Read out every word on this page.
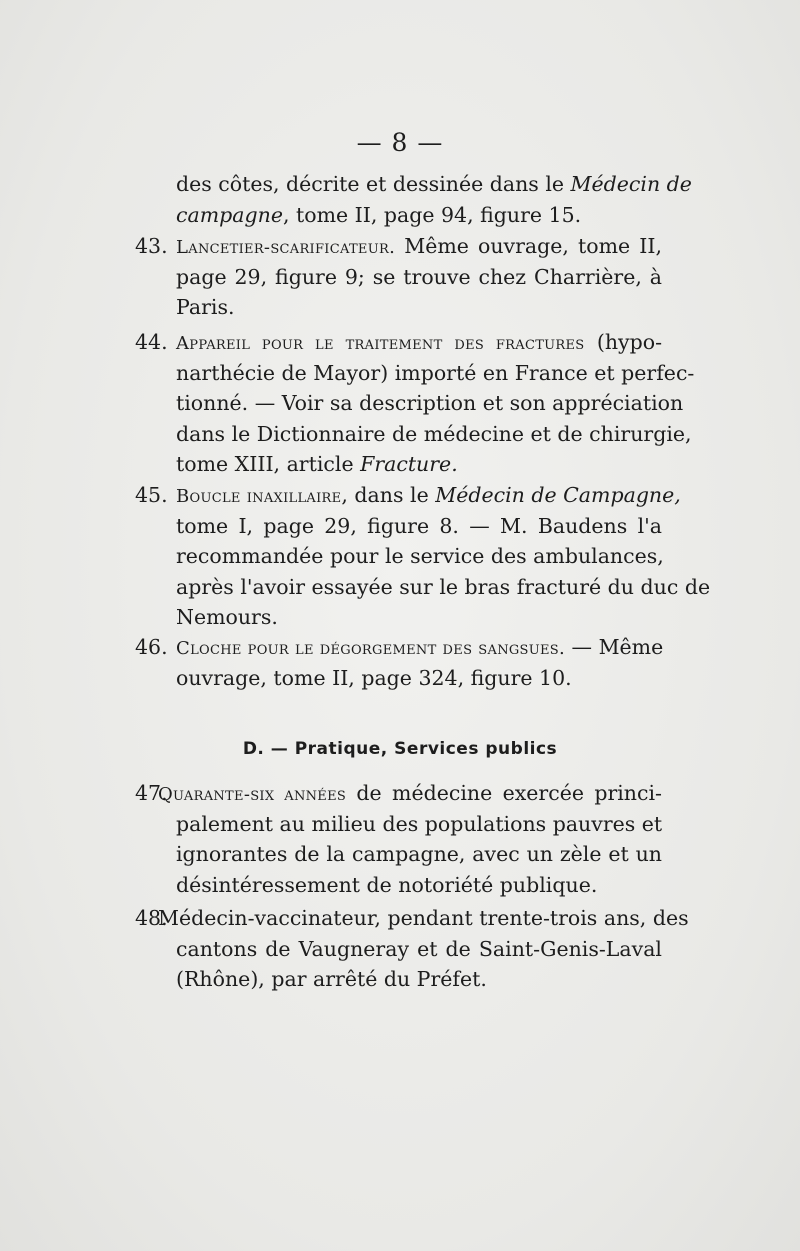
— 8 —
des côtes, décrite et dessinée dans le Médecin de
campagne, tome II, page 94, figure 15.
43. Lancetier-scarificateur. Même ouvrage, tome II,
page 29, figure 9; se trouve chez Charrière, à
Paris.
44. Appareil pour le traitement des fractures (hypo-
narthécie de Mayor) importé en France et perfec-
tionné. — Voir sa description et son appréciation
dans le Dictionnaire de médecine et de chirurgie,
tome XIII, article Fracture.
45. Boucle inaxillaire, dans le Médecin de Campagne,
tome I, page 29, figure 8. — M. Baudens l'a
recommandée pour le service des ambulances,
après l'avoir essayée sur le bras fracturé du duc de
Nemours.
46. Cloche pour le dégorgement des sangsues. — Même
ouvrage, tome II, page 324, figure 10.
47.
Quarante-six années de médecine exercée princi-
palement au milieu des populations pauvres et
ignorantes de la campagne, avec un zèle et un
désintéressement de notoriété publique.
48.
Médecin-vaccinateur, pendant trente-trois ans, des
cantons de Vaugneray et de Saint-Genis-Laval
(Rhône), par arrêté du Préfet.
D. — Pratique, Services publics
